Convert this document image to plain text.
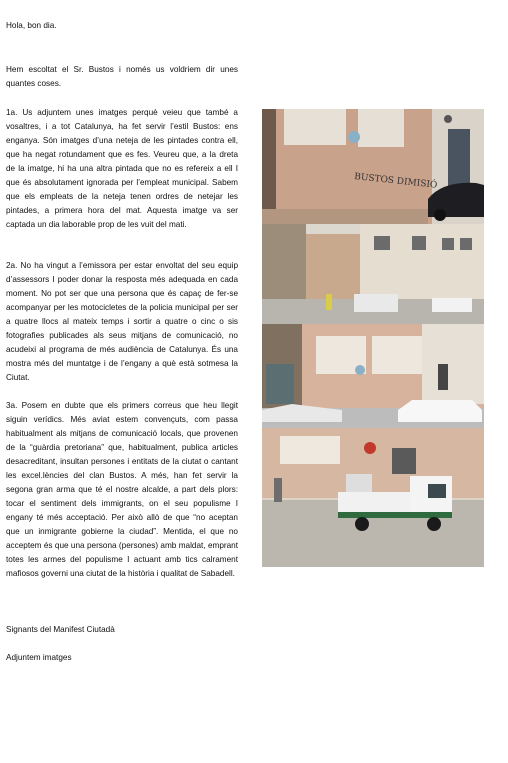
Hola, bon dia.
Hem escoltat el Sr. Bustos i només us voldriem dir unes quantes coses.
1a. Us adjuntem unes imatges perquè veieu que també a vosaltres, i a tot Catalunya, ha fet servir l’estil Bustos: ens enganya. Són imatges d’una neteja de les pintades contra ell, que ha negat rotundament que es fes. Veureu que, a la dreta de la imatge, hi ha una altra pintada que no es refereix a ell I que és absolutament ignorada per l’empleat municipal. Sabem que els empleats de la neteja tenen ordres de netejar les pintades, a primera hora del mat. Aquesta imatge va ser captada un dia laborable prop de les vuit del mati.
2a. No ha vingut a l’emissora per estar envoltat del seu equip d’assessors I poder donar la resposta més adequada en cada moment. No pot ser que una persona que és capaç de fer-se acompanyar per les motocicletes de la policia municipal per ser a quatre llocs al mateix temps i sortir a quatre o cinc o sis fotografies publicades als seus mitjans de comunicació, no acudeixi al programa de més audiència de Catalunya. És una mostra més del muntatge i de l’engany a què està sotmesa la Ciutat.
3a. Posem en dubte que els primers correus que heu llegit siguin verídics. Més aviat estem convençuts, com passa habitualment als mitjans de comunicació locals, que provenen de la “guàrdia pretoriana” que, habitualment, publica articles desacreditant, insultan persones i entitats de la ciutat o cantant les excel.lències del clan Bustos. A més, han fet servir la segona gran arma que té el nostre alcalde, a part dels plors: tocar el sentiment dels immigrants, on el seu populisme I engany té més acceptació. Per això allò de que “no aceptan que un inmigrante gobierne la ciudad”. Mentida, el que no acceptem és que una persona (persones) amb maldat, emprant totes les armes del populisme I actuant amb tics calrament mafiosos governi una ciutat de la història i qualitat de Sabadell.
Signants del Manifest Ciutadà
Adjuntem imatges
BUSTOS DIMISIÓ
